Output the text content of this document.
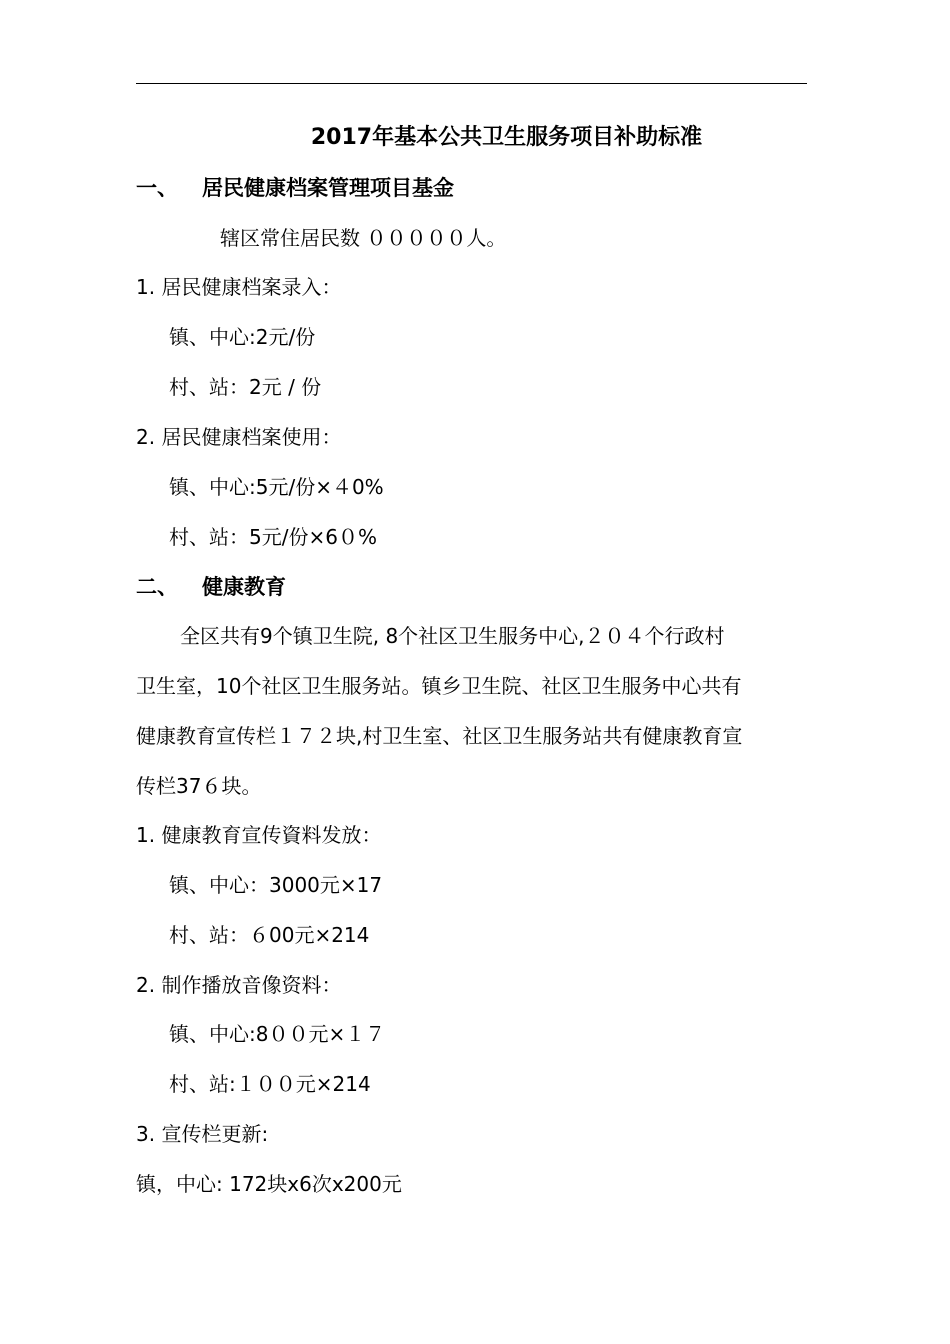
2017年基本公共卫生服务项目补助标准
一、 居民健康档案管理项目基金
辖区常住居民数 ０００００人。
1. 居民健康档案录入：
镇、中心:2元/份
村、站：2元 / 份
2. 居民健康档案使用：
镇、中心:5元/份×４0%
村、站：5元/份×6０%
二、 健康教育
全区共有9个镇卫生院, 8个社区卫生服务中心,２０４个行政村
卫生室，10个社区卫生服务站。镇乡卫生院、社区卫生服务中心共有
健康教育宣传栏１７２块,村卫生室、社区卫生服务站共有健康教育宣
传栏37６块。
1. 健康教育宣传資料发放：
镇、中心：3000元×17
村、站：６00元×214
2. 制作播放音像资料：
镇、中心:8００元×１７
村、站:１００元×214
3. 宣传栏更新:
镇，中心: 172块x6次x200元
